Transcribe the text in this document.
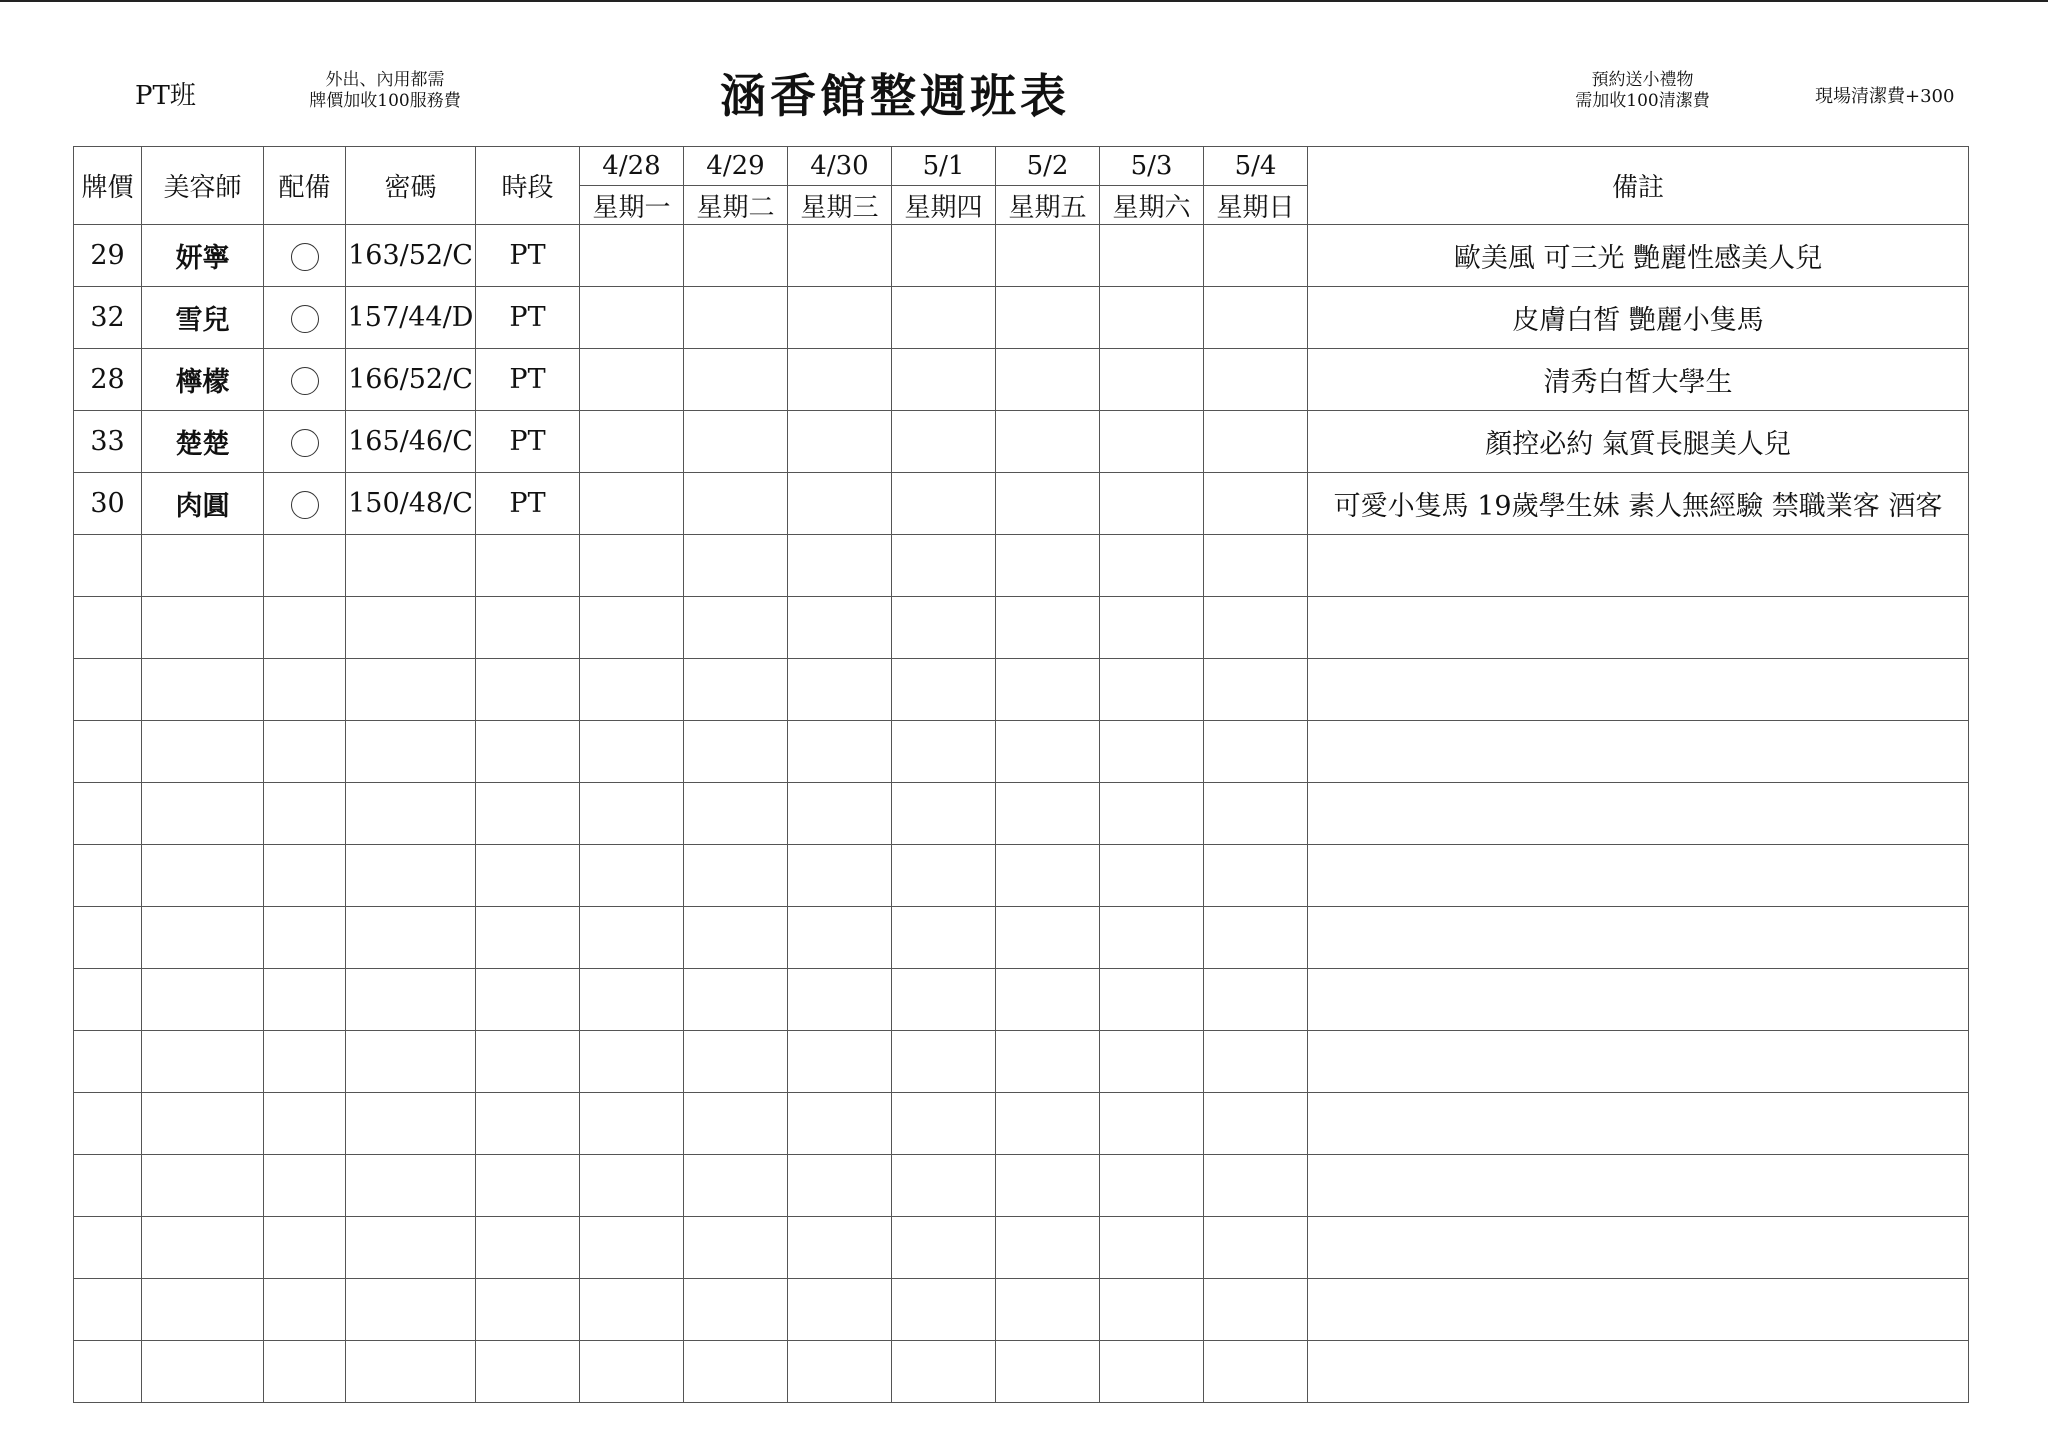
PT班
外出、內用都需
牌價加收100服務費	涵香館整週班表	預約送小禮物
需加收100清潔費	現場清潔費+300
牌價	美容師	配備	密碼	時段	4/28	4/29	4/30	5/1	5/2	5/3	5/4	備註
					星期一	星期二	星期三	星期四	星期五	星期六	星期日	
29	妍寧		163/52/C	PT								歐美風 可三光 艷麗性感美人兒
32	雪兒		157/44/D	PT								皮膚白皙 艷麗小隻馬
28	檸檬		166/52/C	PT								清秀白皙大學生
33	楚楚		165/46/C	PT								顏控必約 氣質長腿美人兒
30	肉圓		150/48/C	PT								可愛小隻馬 19歲學生妹 素人無經驗 禁職業客 酒客
